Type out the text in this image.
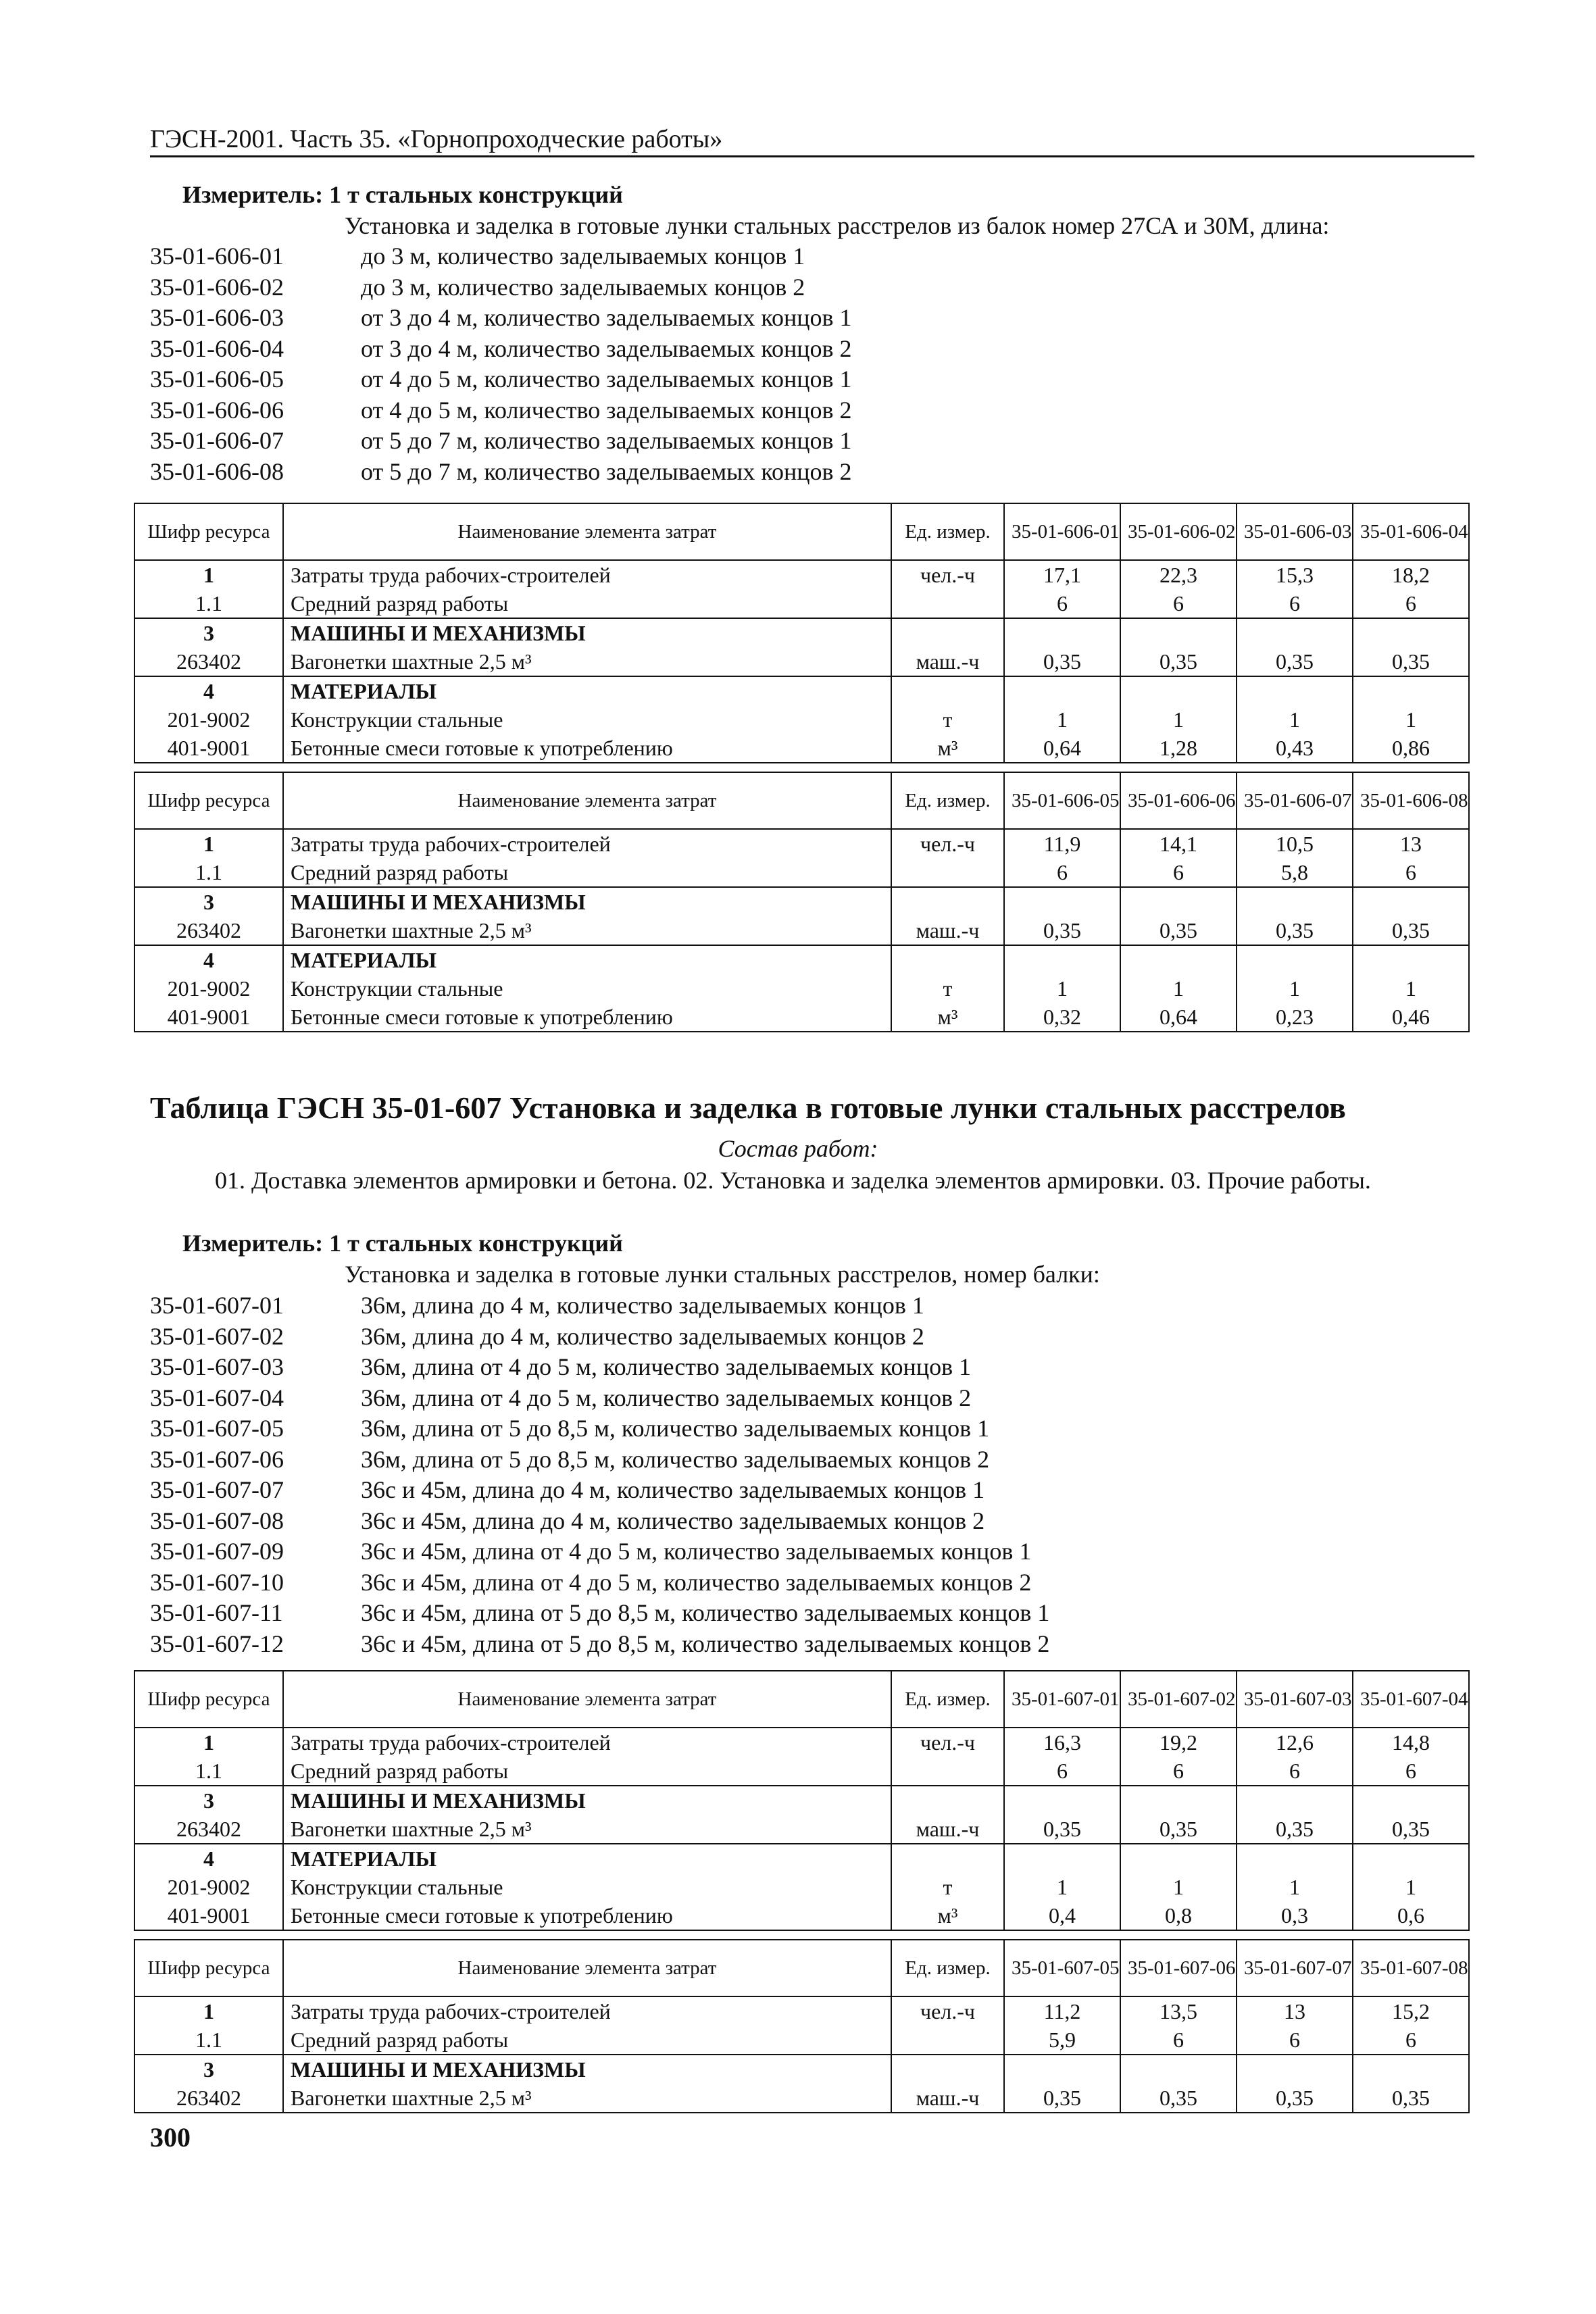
ГЭСН-2001. Часть 35. «Горнопроходческие работы»
Измеритель: 1 т стальных конструкций
Установка и заделка в готовые лунки стальных расстрелов из балок номер 27СА и 30М, длина:
35-01-606-01	до 3 м, количество заделываемых концов 1
35-01-606-02	до 3 м, количество заделываемых концов 2
35-01-606-03	от 3 до 4 м, количество заделываемых концов 1
35-01-606-04	от 3 до 4 м, количество заделываемых концов 2
35-01-606-05	от 4 до 5 м, количество заделываемых концов 1
35-01-606-06	от 4 до 5 м, количество заделываемых концов 2
35-01-606-07	от 5 до 7 м, количество заделываемых концов 1
35-01-606-08	от 5 до 7 м, количество заделываемых концов 2
Шифр ресурса	Наименование элемента затрат	Ед. измер.	35-01-606-01	35-01-606-02	35-01-606-03	35-01-606-04
1	Затраты труда рабочих-строителей	чел.-ч	17,1	22,3	15,3	18,2
1.1	Средний разряд работы		6	6	6	6
3	МАШИНЫ И МЕХАНИЗМЫ					
263402	Вагонетки шахтные 2,5 м³	маш.-ч	0,35	0,35	0,35	0,35
4	МАТЕРИАЛЫ					
201-9002	Конструкции стальные	т	1	1	1	1
401-9001	Бетонные смеси готовые к употреблению	м³	0,64	1,28	0,43	0,86
Шифр ресурса	Наименование элемента затрат	Ед. измер.	35-01-606-05	35-01-606-06	35-01-606-07	35-01-606-08
1	Затраты труда рабочих-строителей	чел.-ч	11,9	14,1	10,5	13
1.1	Средний разряд работы		6	6	5,8	6
3	МАШИНЫ И МЕХАНИЗМЫ					
263402	Вагонетки шахтные 2,5 м³	маш.-ч	0,35	0,35	0,35	0,35
4	МАТЕРИАЛЫ					
201-9002	Конструкции стальные	т	1	1	1	1
401-9001	Бетонные смеси готовые к употреблению	м³	0,32	0,64	0,23	0,46
Таблица ГЭСН 35-01-607 Установка и заделка в готовые лунки стальных расстрелов
Состав работ:
01. Доставка элементов армировки и бетона. 02. Установка и заделка элементов армировки. 03. Прочие работы.
Измеритель: 1 т стальных конструкций
Установка и заделка в готовые лунки стальных расстрелов, номер балки:
35-01-607-01	36м, длина до 4 м, количество заделываемых концов 1
35-01-607-02	36м, длина до 4 м, количество заделываемых концов 2
35-01-607-03	36м, длина от 4 до 5 м, количество заделываемых концов 1
35-01-607-04	36м, длина от 4 до 5 м, количество заделываемых концов 2
35-01-607-05	36м, длина от 5 до 8,5 м, количество заделываемых концов 1
35-01-607-06	36м, длина от 5 до 8,5 м, количество заделываемых концов 2
35-01-607-07	36с и 45м, длина до 4 м, количество заделываемых концов 1
35-01-607-08	36с и 45м, длина до 4 м, количество заделываемых концов 2
35-01-607-09	36с и 45м, длина от 4 до 5 м, количество заделываемых концов 1
35-01-607-10	36с и 45м, длина от 4 до 5 м, количество заделываемых концов 2
35-01-607-11	36с и 45м, длина от 5 до 8,5 м, количество заделываемых концов 1
35-01-607-12	36с и 45м, длина от 5 до 8,5 м, количество заделываемых концов 2
Шифр ресурса	Наименование элемента затрат	Ед. измер.	35-01-607-01	35-01-607-02	35-01-607-03	35-01-607-04
1	Затраты труда рабочих-строителей	чел.-ч	16,3	19,2	12,6	14,8
1.1	Средний разряд работы		6	6	6	6
3	МАШИНЫ И МЕХАНИЗМЫ					
263402	Вагонетки шахтные 2,5 м³	маш.-ч	0,35	0,35	0,35	0,35
4	МАТЕРИАЛЫ					
201-9002	Конструкции стальные	т	1	1	1	1
401-9001	Бетонные смеси готовые к употреблению	м³	0,4	0,8	0,3	0,6
Шифр ресурса	Наименование элемента затрат	Ед. измер.	35-01-607-05	35-01-607-06	35-01-607-07	35-01-607-08
1	Затраты труда рабочих-строителей	чел.-ч	11,2	13,5	13	15,2
1.1	Средний разряд работы		5,9	6	6	6
3	МАШИНЫ И МЕХАНИЗМЫ					
263402	Вагонетки шахтные 2,5 м³	маш.-ч	0,35	0,35	0,35	0,35
300
